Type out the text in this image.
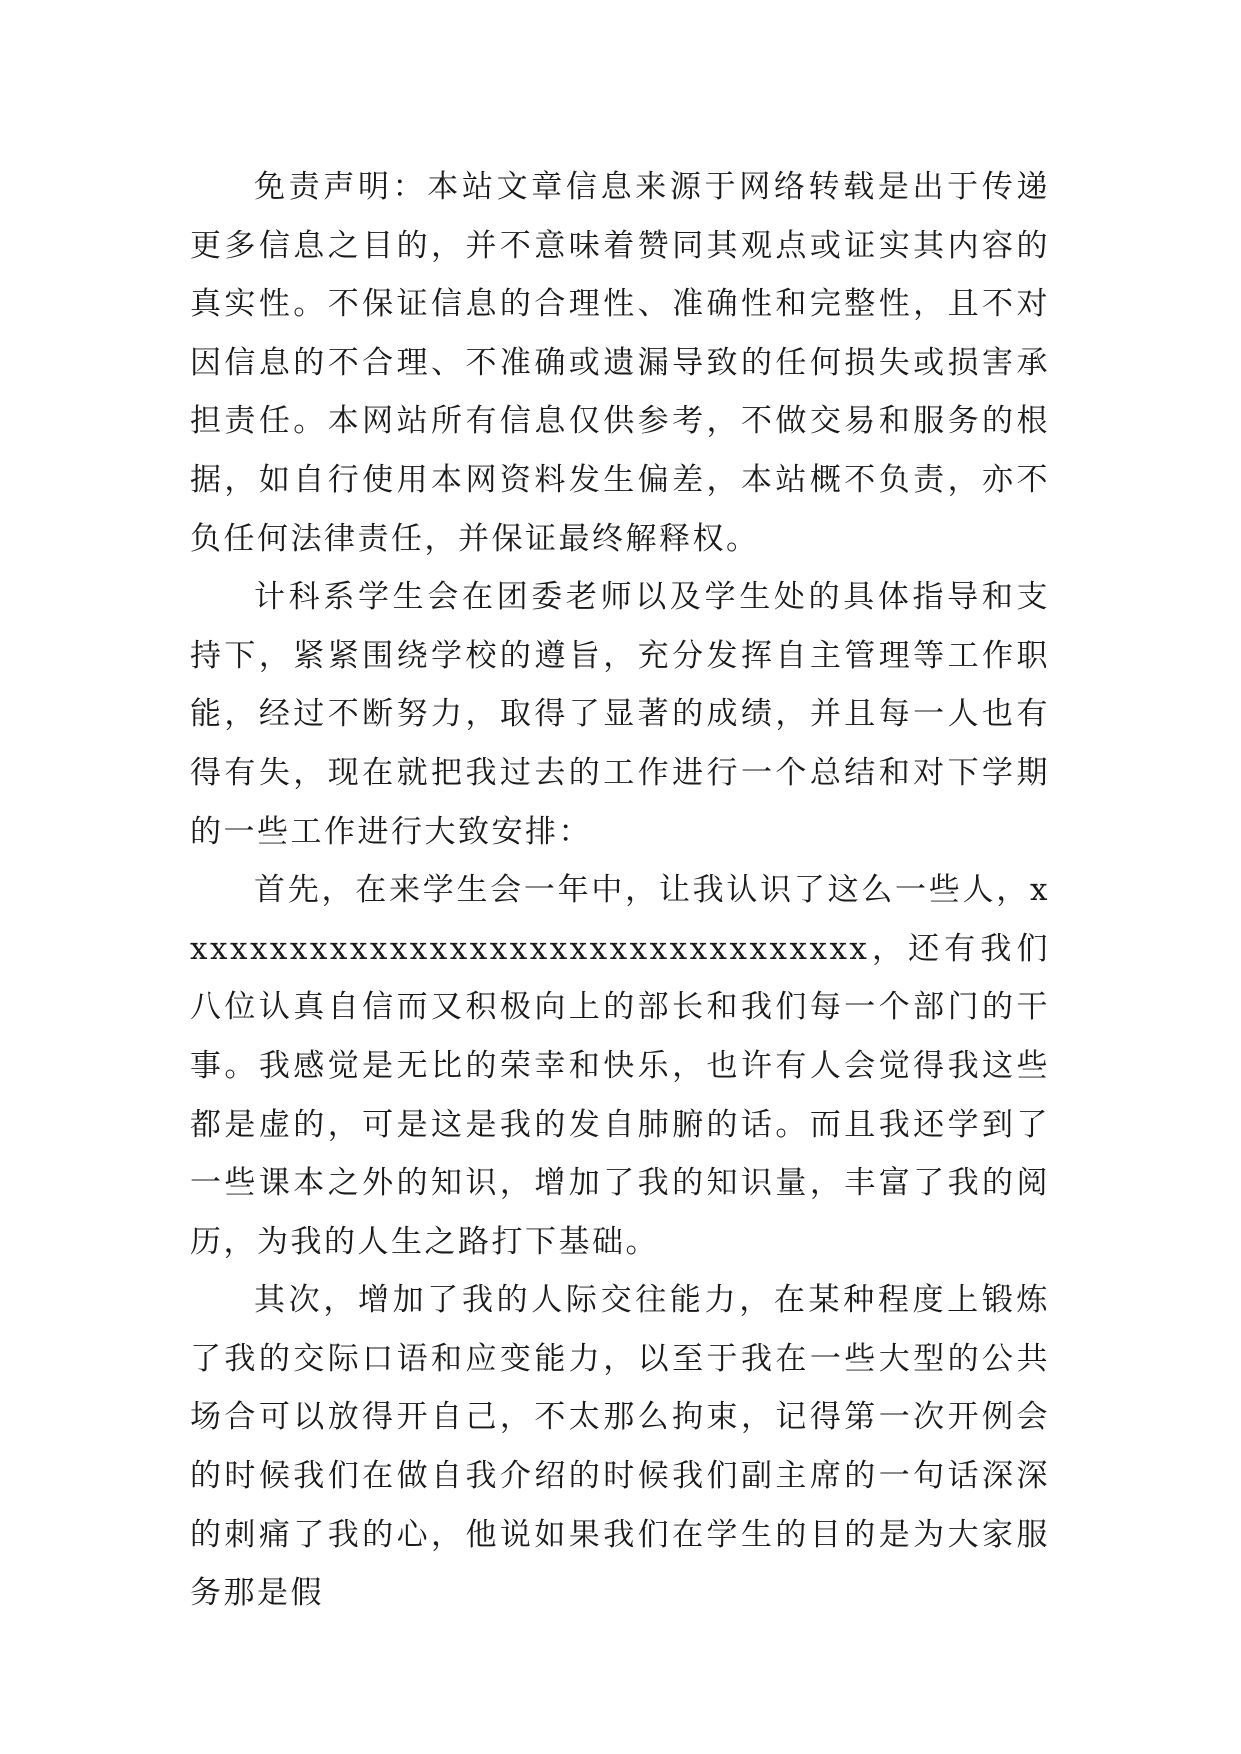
免责声明：本站文章信息来源于网络转载是出于传递更多信息之目的，并不意味着赞同其观点或证实其内容的真实性。不保证信息的合理性、准确性和完整性，且不对因信息的不合理、不准确或遗漏导致的任何损失或损害承担责任。本网站所有信息仅供参考，不做交易和服务的根据，如自行使用本网资料发生偏差，本站概不负责，亦不负任何法律责任，并保证最终解释权。

计科系学生会在团委老师以及学生处的具体指导和支持下，紧紧围绕学校的遵旨，充分发挥自主管理等工作职能，经过不断努力，取得了显著的成绩，并且每一人也有得有失，现在就把我过去的工作进行一个总结和对下学期的一些工作进行大致安排：

首先，在来学生会一年中，让我认识了这么一些人，xxxxxxxxxxxxxxxxxxxxxxxxxxxxxxxxxxx，还有我们八位认真自信而又积极向上的部长和我们每一个部门的干事。我感觉是无比的荣幸和快乐，也许有人会觉得我这些都是虚的，可是这是我的发自肺腑的话。而且我还学到了一些课本之外的知识，增加了我的知识量，丰富了我的阅历，为我的人生之路打下基础。

其次，增加了我的人际交往能力，在某种程度上锻炼了我的交际口语和应变能力，以至于我在一些大型的公共场合可以放得开自己，不太那么拘束，记得第一次开例会的时候我们在做自我介绍的时候我们副主席的一句话深深的刺痛了我的心，他说如果我们在学生的目的是为大家服务那是假
